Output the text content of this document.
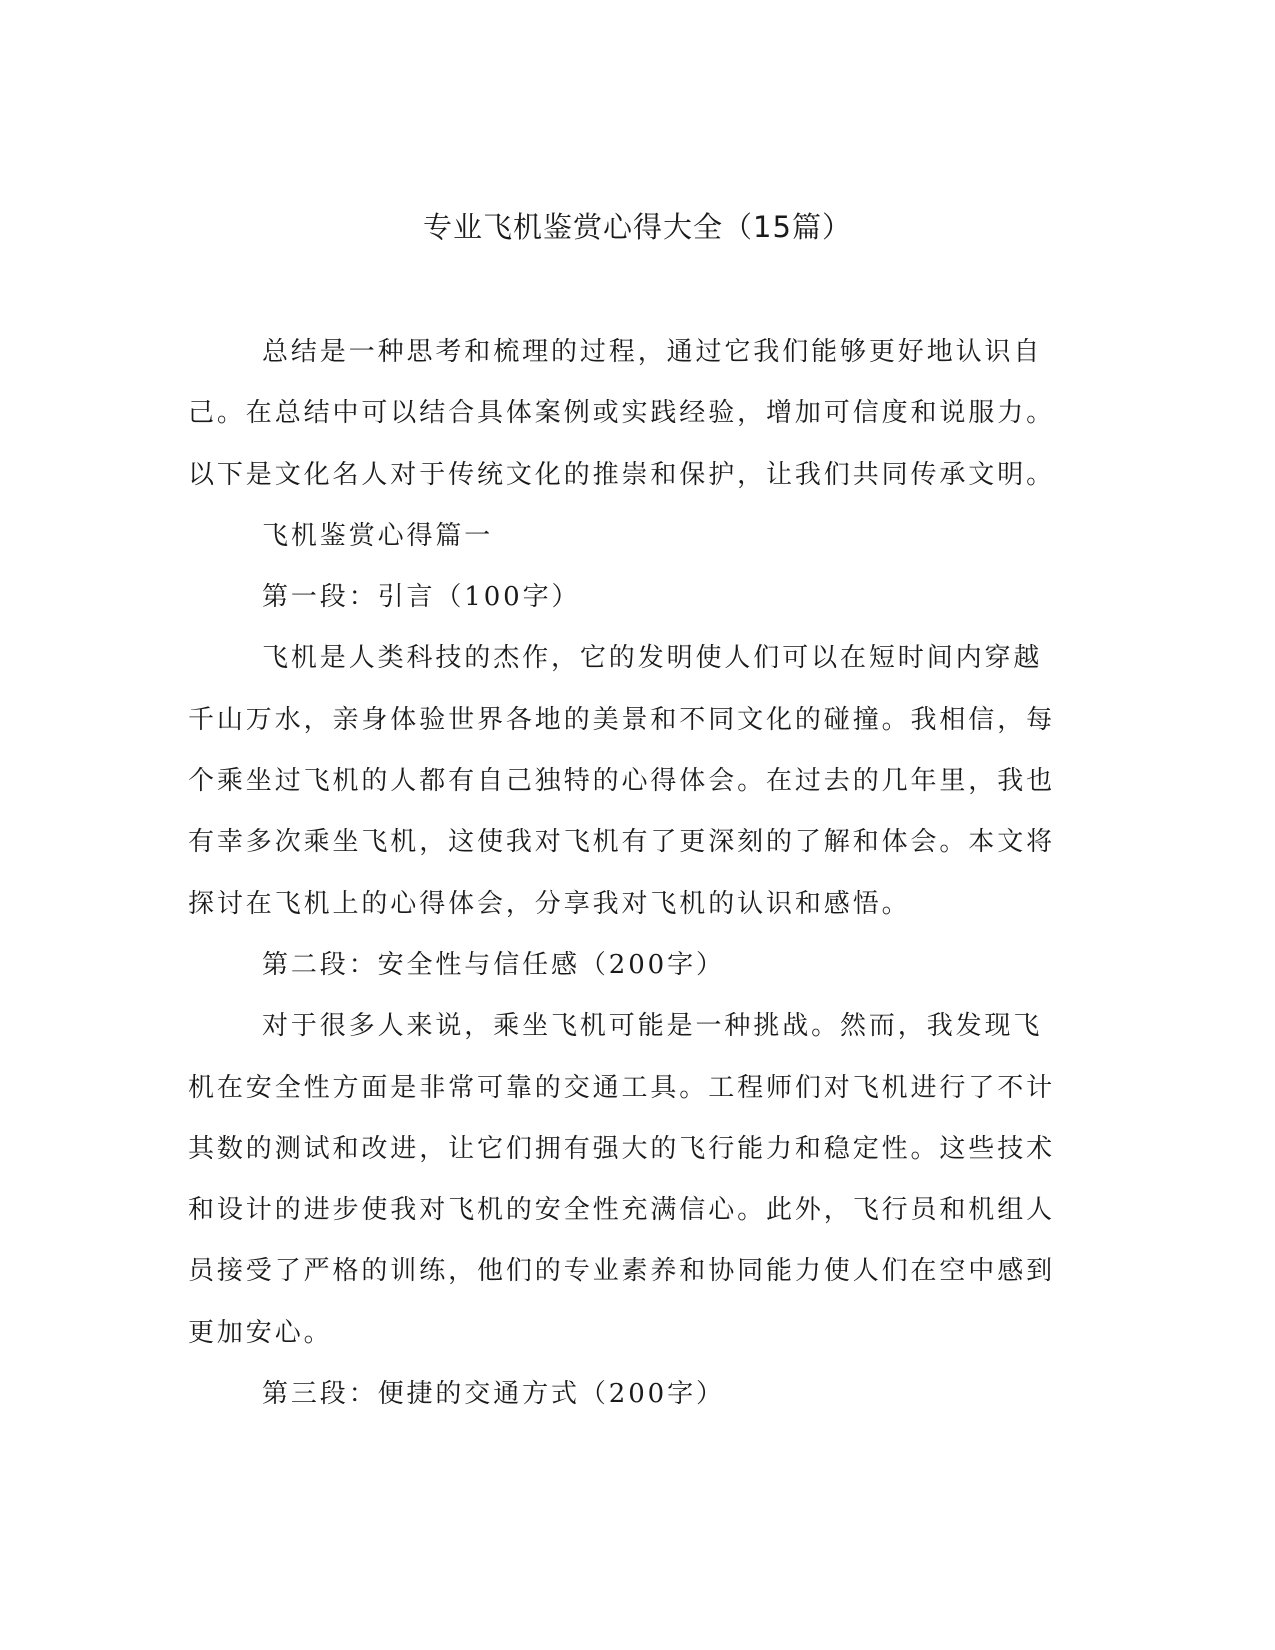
专业飞机鉴赏心得大全（15篇）

总结是一种思考和梳理的过程，通过它我们能够更好地认识自己。在总结中可以结合具体案例或实践经验，增加可信度和说服力。以下是文化名人对于传统文化的推崇和保护，让我们共同传承文明。

飞机鉴赏心得篇一

第一段：引言（100字）

飞机是人类科技的杰作，它的发明使人们可以在短时间内穿越千山万水，亲身体验世界各地的美景和不同文化的碰撞。我相信，每个乘坐过飞机的人都有自己独特的心得体会。在过去的几年里，我也有幸多次乘坐飞机，这使我对飞机有了更深刻的了解和体会。本文将探讨在飞机上的心得体会，分享我对飞机的认识和感悟。

第二段：安全性与信任感（200字）

对于很多人来说，乘坐飞机可能是一种挑战。然而，我发现飞机在安全性方面是非常可靠的交通工具。工程师们对飞机进行了不计其数的测试和改进，让它们拥有强大的飞行能力和稳定性。这些技术和设计的进步使我对飞机的安全性充满信心。此外，飞行员和机组人员接受了严格的训练，他们的专业素养和协同能力使人们在空中感到更加安心。

第三段：便捷的交通方式（200字）
